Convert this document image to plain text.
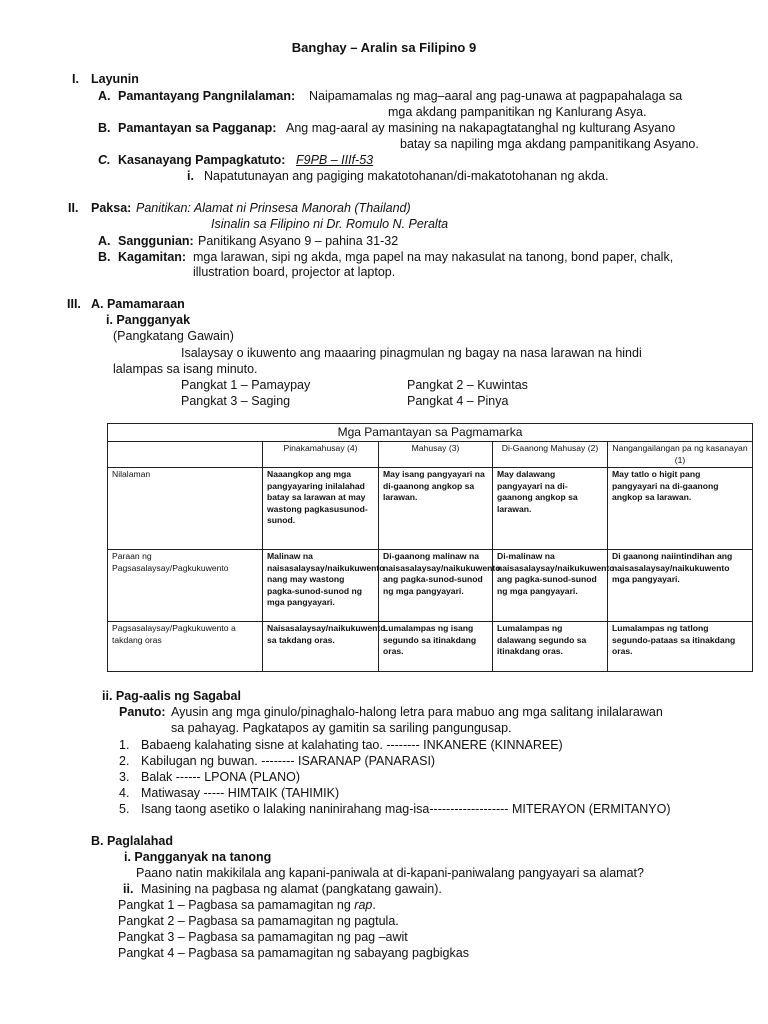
Banghay – Aralin sa Filipino 9
I. Layunin
A. Pamantayang Pangnilalaman: Naipamamalas ng mag–aaral ang pag-unawa at pagpapahalaga sa
mga akdang pampanitikan ng Kanlurang Asya.
B. Pamantayan sa Pagganap: Ang mag-aaral ay masining na nakapagtatanghal ng kulturang Asyano
batay sa napiling mga akdang pampanitikang Asyano.
C. Kasanayang Pampagkatuto: F9PB – IIIf-53
i. Napatutunayan ang pagiging makatotohanan/di-makatotohanan ng akda.
II. Paksa: Panitikan: Alamat ni Prinsesa Manorah (Thailand)
Isinalin sa Filipino ni Dr. Romulo N. Peralta
A. Sanggunian: Panitikang Asyano 9 – pahina 31-32
B. Kagamitan: mga larawan, sipi ng akda, mga papel na may nakasulat na tanong, bond paper, chalk,
illustration board, projector at laptop.
III. A. Pamamaraan
i. Pangganyak
(Pangkatang Gawain)
Isalaysay o ikuwento ang maaaring pinagmulan ng bagay na nasa larawan na hindi
lalampas sa isang minuto.
Pangkat 1 – Pamaypay	Pangkat 2 – Kuwintas
Pangkat 3 – Saging	Pangkat 4 – Pinya
Mga Pamantayan sa Pagmamarka				
	Pinakamahusay (4)	Mahusay (3)	Di-Gaanong Mahusay (2)	Nangangailangan pa ng kasanayan (1)
Nilalaman	Naaangkop ang mga pangyayaring inilalahad batay sa larawan at may wastong pagkasusunod-sunod.	May isang pangyayari na di-gaanong angkop sa larawan.	May dalawang pangyayari na di-gaanong angkop sa larawan.	May tatlo o higit pang pangyayari na di-gaanong angkop sa larawan.
Paraan ng Pagsasalaysay/Pagkukuwento	Malinaw na naisasalaysay/naikukuwento nang may wastong pagka-sunod-sunod ng mga pangyayari.	Di-gaanong malinaw na naisasalaysay/naikukuwento ang pagka-sunod-sunod ng mga pangyayari.	Di-malinaw na naisasalaysay/naikukuwento ang pagka-sunod-sunod ng mga pangyayari.	Di gaanong naiintindihan ang naisasalaysay/naikukuwento mga pangyayari.
Pagsasalaysay/Pagkukuwento a takdang oras	Naisasalaysay/naikukuwento sa takdang oras.	Lumalampas ng isang segundo sa itinakdang oras.	Lumalampas ng dalawang segundo sa itinakdang oras.	Lumalampas ng tatlong segundo-pataas sa itinakdang oras.
ii. Pag-aalis ng Sagabal
Panuto: Ayusin ang mga ginulo/pinaghalo-halong letra para mabuo ang mga salitang inilalarawan
sa pahayag. Pagkatapos ay gamitin sa sariling pangungusap.
1. Babaeng kalahating sisne at kalahating tao. -------- INKANERE (KINNAREE)
2. Kabilugan ng buwan. -------- ISARANAP (PANARASI)
3. Balak ------ LPONA (PLANO)
4. Matiwasay ----- HIMTAIK (TAHIMIK)
5. Isang taong asetiko o lalaking naninirahang mag-isa------------------- MITERAYON (ERMITANYO)
B. Paglalahad
i. Pangganyak na tanong
Paano natin makikilala ang kapani-paniwala at di-kapani-paniwalang pangyayari sa alamat?
ii. Masining na pagbasa ng alamat (pangkatang gawain).
Pangkat 1 – Pagbasa sa pamamagitan ng rap.
Pangkat 2 – Pagbasa sa pamamagitan ng pagtula.
Pangkat 3 – Pagbasa sa pamamagitan ng pag –awit
Pangkat 4 – Pagbasa sa pamamagitan ng sabayang pagbigkas
